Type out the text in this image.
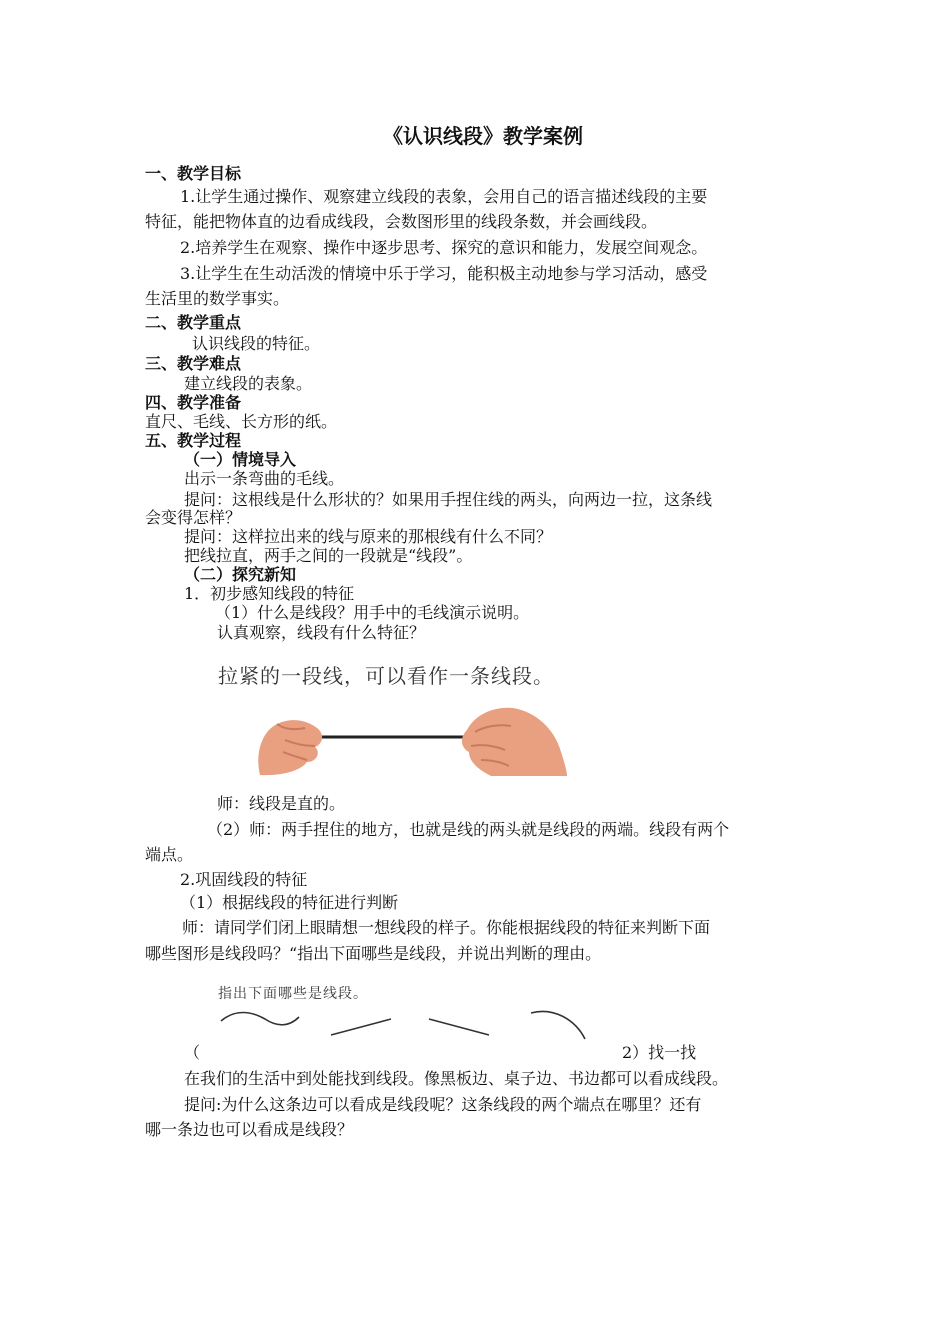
《认识线段》教学案例
一、教学目标
1.让学生通过操作、观察建立线段的表象，会用自己的语言描述线段的主要
特征，能把物体直的边看成线段，会数图形里的线段条数，并会画线段。
2.培养学生在观察、操作中逐步思考、探究的意识和能力，发展空间观念。
3.让学生在生动活泼的情境中乐于学习，能积极主动地参与学习活动，感受
生活里的数学事实。
二、教学重点
认识线段的特征。
三、教学难点
建立线段的表象。
四、教学准备
直尺、毛线、长方形的纸。
五、教学过程
（一）情境导入
出示一条弯曲的毛线。
提问：这根线是什么形状的？如果用手捏住线的两头，向两边一拉，这条线
会变得怎样？
提问：这样拉出来的线与原来的那根线有什么不同？
把线拉直，两手之间的一段就是“线段”。
（二）探究新知
1．初步感知线段的特征
（1）什么是线段？用手中的毛线演示说明。
认真观察，线段有什么特征？
拉紧的一段线，可以看作一条线段。
师：线段是直的。
（2）师：两手捏住的地方，也就是线的两头就是线段的两端。线段有两个
端点。
2.巩固线段的特征
（1）根据线段的特征进行判断
师：请同学们闭上眼睛想一想线段的样子。你能根据线段的特征来判断下面
哪些图形是线段吗？“指出下面哪些是线段，并说出判断的理由。
指出下面哪些是线段。
（	2）找一找
在我们的生活中到处能找到线段。像黑板边、桌子边、书边都可以看成线段。
提问:为什么这条边可以看成是线段呢？这条线段的两个端点在哪里？还有
哪一条边也可以看成是线段？
